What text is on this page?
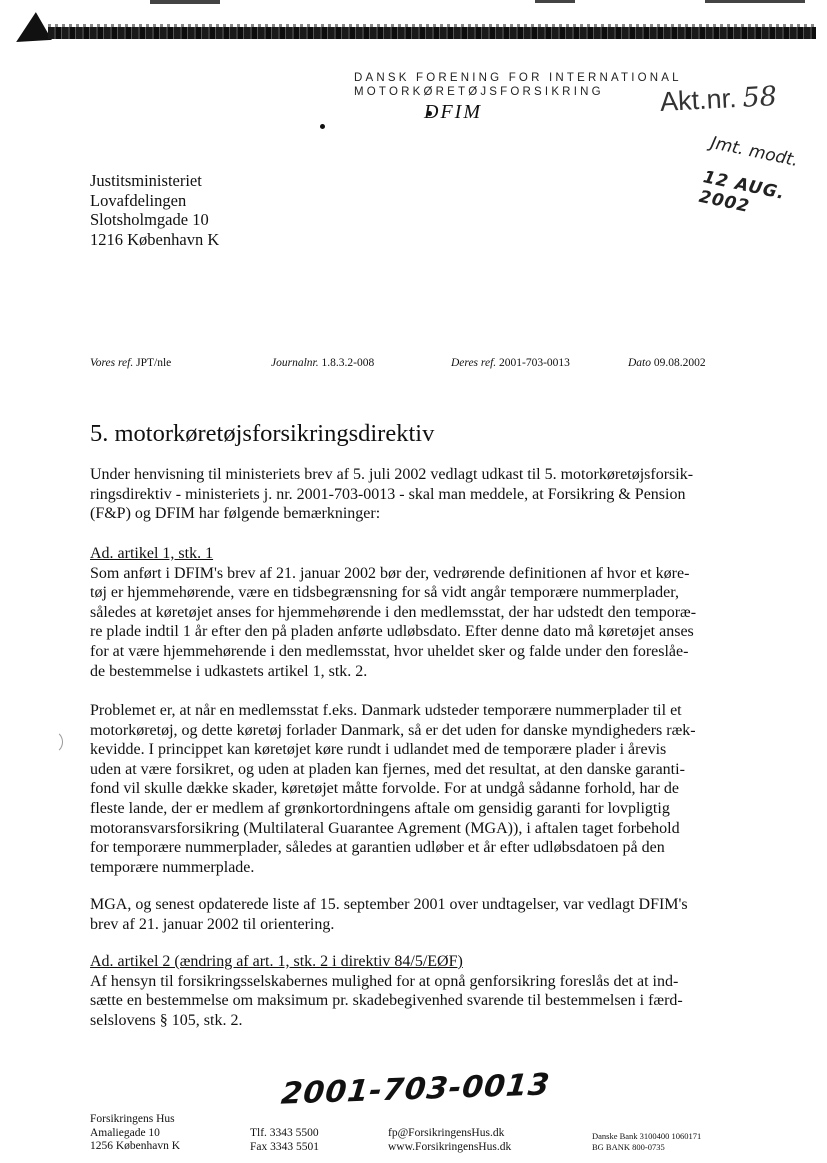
DANSK FORENING FOR INTERNATIONAL
MOTORKØRETØJSFORSIKRING
DFIM	Akt.nr. 58
Jmt. modt.
12 AUG. 2002
Justitsministeriet
Lovafdelingen
Slotsholmgade 10
1216 København K
Vores ref. JPT/nle	Journalnr. 1.8.3.2-008	Deres ref. 2001-703-0013	Dato 09.08.2002
5. motorkøretøjsforsikringsdirektiv
Under henvisning til ministeriets brev af 5. juli 2002 vedlagt udkast til 5. motorkøretøjsforsik-
ringsdirektiv - ministeriets j. nr. 2001-703-0013 - skal man meddele, at Forsikring & Pension
(F&P) og DFIM har følgende bemærkninger:
Ad. artikel 1, stk. 1
Som anført i DFIM's brev af 21. januar 2002 bør der, vedrørende definitionen af hvor et køre-
tøj er hjemmehørende, være en tidsbegrænsning for så vidt angår temporære nummerplader,
således at køretøjet anses for hjemmehørende i den medlemsstat, der har udstedt den temporæ-
re plade indtil 1 år efter den på pladen anførte udløbsdato. Efter denne dato må køretøjet anses
for at være hjemmehørende i den medlemsstat, hvor uheldet sker og falde under den foreslåe-
de bestemmelse i udkastets artikel 1, stk. 2.
Problemet er, at når en medlemsstat f.eks. Danmark udsteder temporære nummerplader til et
motorkøretøj, og dette køretøj forlader Danmark, så er det uden for danske myndigheders ræk-
kevidde. I princippet kan køretøjet køre rundt i udlandet med de temporære plader i årevis
uden at være forsikret, og uden at pladen kan fjernes, med det resultat, at den danske garanti-
fond vil skulle dække skader, køretøjet måtte forvolde. For at undgå sådanne forhold, har de
fleste lande, der er medlem af grønkortordningens aftale om gensidig garanti for lovpligtig
motoransvarsforsikring (Multilateral Guarantee Agrement (MGA)), i aftalen taget forbehold
for temporære nummerplader, således at garantien udløber et år efter udløbsdatoen på den
temporære nummerplade.
MGA, og senest opdaterede liste af 15. september 2001 over undtagelser, var vedlagt DFIM's
brev af 21. januar 2002 til orientering.
Ad. artikel 2 (ændring af art. 1, stk. 2 i direktiv 84/5/EØF)
Af hensyn til forsikringsselskabernes mulighed for at opnå genforsikring foreslås det at ind-
sætte en bestemmelse om maksimum pr. skadebegivenhed svarende til bestemmelsen i færd-
selslovens § 105, stk. 2.
2001-703-0013
Forsikringens Hus
Amaliegade 10
1256 København K
Tlf. 3343 5500
Fax 3343 5501
fp@ForsikringensHus.dk
www.ForsikringensHus.dk
Danske Bank 3100400 1060171
BG BANK 800-0735
